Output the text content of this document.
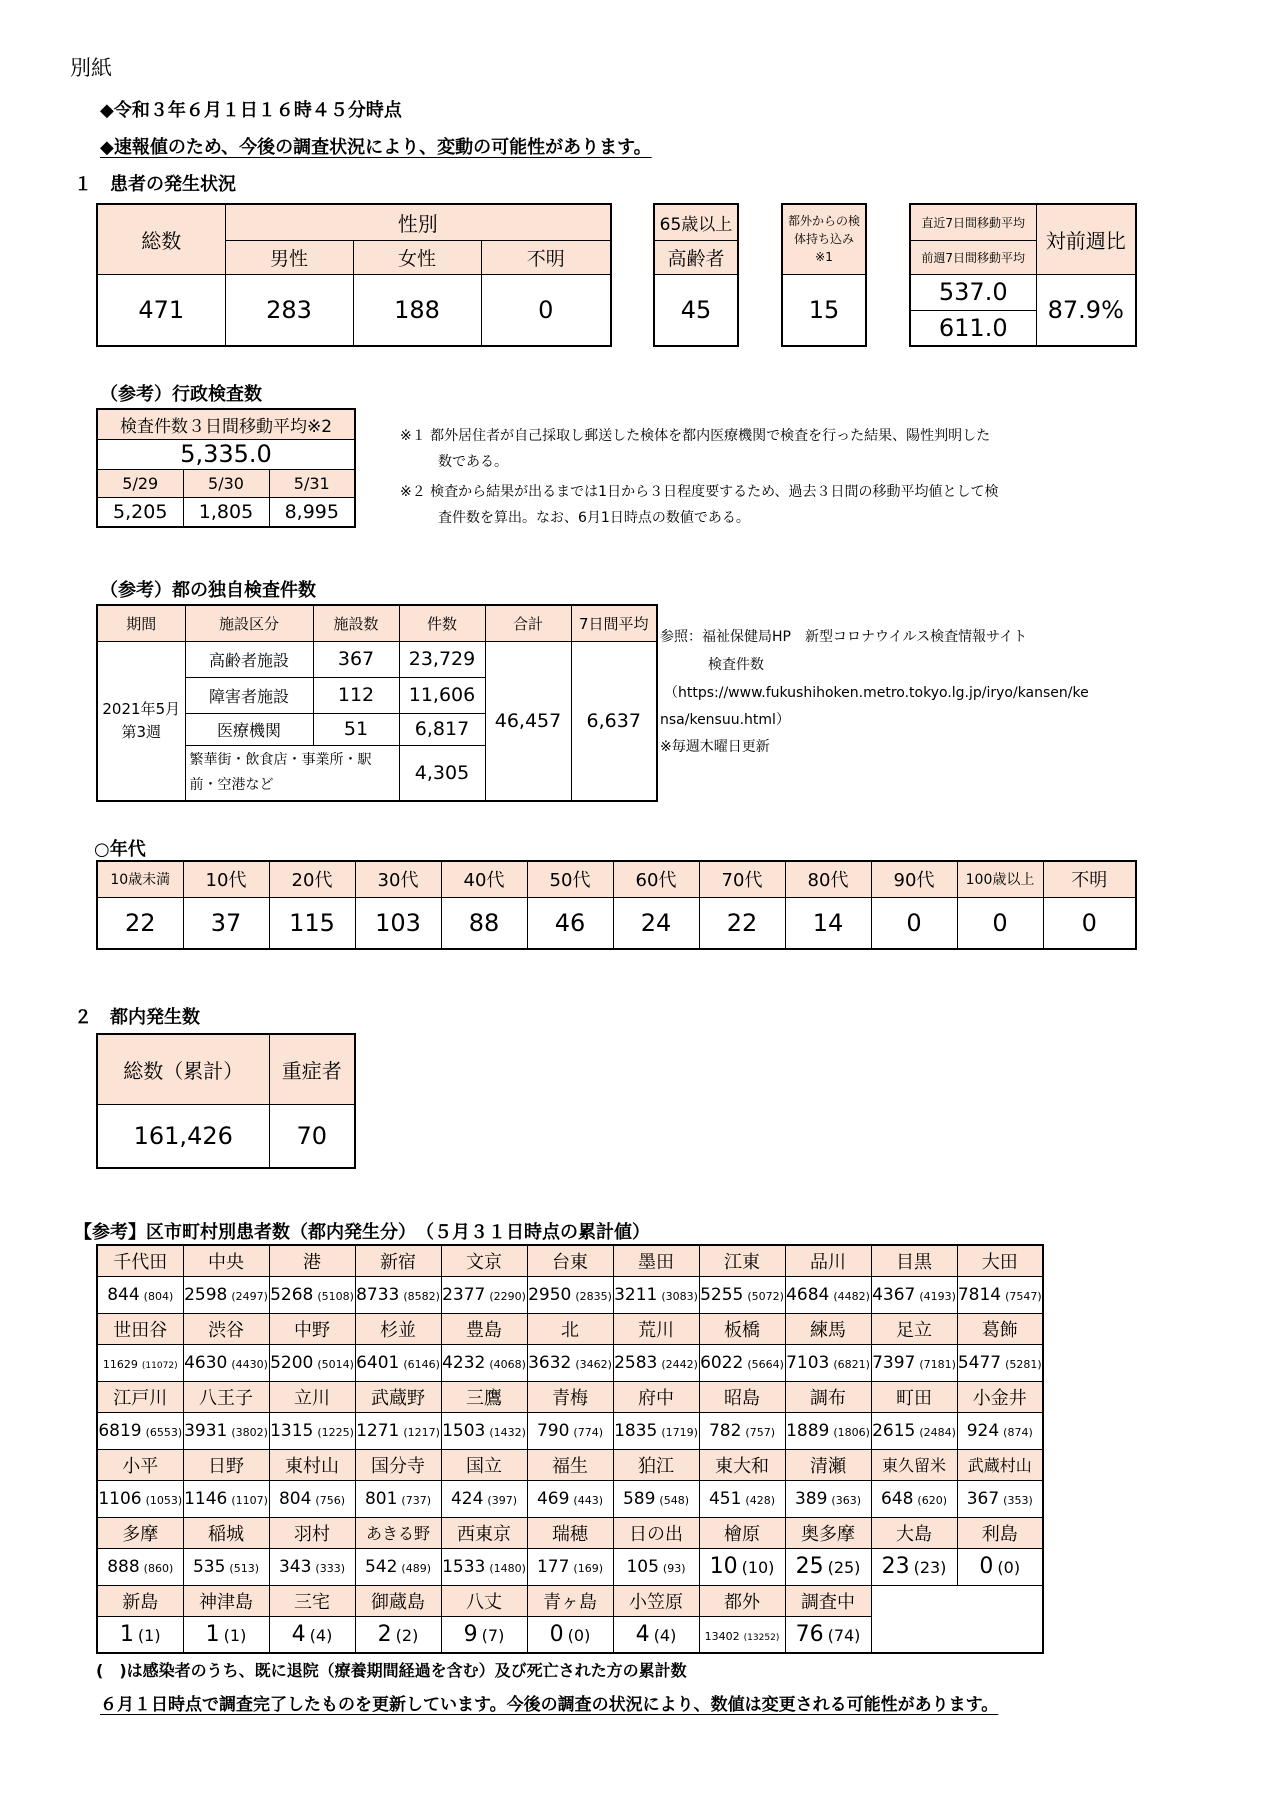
別紙
◆令和３年６月１日１６時４５分時点
◆速報値のため、今後の調査状況により、変動の可能性があります。
１　患者の発生状況
総数	性別		
	男性	女性	不明
471	283	188	0
65歳以上
高齢者
45
都外からの検体持ち込み※1
15
直近7日間移動平均	対前週比
前週7日間移動平均	
537.0	87.9%
611.0	
（参考）行政検査数
検査件数３日間移動平均※2		
5,335.0		
5/29	5/30	5/31
5,205	1,805	8,995
※１ 都外居住者が自己採取し郵送した検体を都内医療機関で検査を行った結果、陽性判明した
数である。
※２ 検査から結果が出るまでは1日から３日程度要するため、過去３日間の移動平均値として検
査件数を算出。なお、6月1日時点の数値である。
（参考）都の独自検査件数
期間	施設区分	施設数	件数	合計	7日間平均
2021年5月第3週	高齢者施設	367	23,729	46,457	6,637
	障害者施設	112	11,606		
	医療機関	51	6,817		
	繁華街・飲食店・事業所・駅前・空港など		4,305		
参照：福祉保健局HP　新型コロナウイルス検査情報サイト
検査件数
（https://www.fukushihoken.metro.tokyo.lg.jp/iryo/kansen/ke
nsa/kensuu.html）
※毎週木曜日更新
○年代
10歳未満	10代	20代	30代	40代	50代	60代	70代	80代	90代	100歳以上	不明
22	37	115	103	88	46	24	22	14	0	0	0
２　都内発生数
総数（累計）	重症者
161,426	70
【参考】区市町村別患者数（都内発生分）　（５月３１日時点の累計値）
千代田	中央	港	新宿	文京	台東	墨田	江東	品川	目黒	大田
844 (804)	2598 (2497)	5268 (5108)	8733 (8582)	2377 (2290)	2950 (2835)	3211 (3083)	5255 (5072)	4684 (4482)	4367 (4193)	7814 (7547)
世田谷	渋谷	中野	杉並	豊島	北	荒川	板橋	練馬	足立	葛飾
11629 (11072)	4630 (4430)	5200 (5014)	6401 (6146)	4232 (4068)	3632 (3462)	2583 (2442)	6022 (5664)	7103 (6821)	7397 (7181)	5477 (5281)
江戸川	八王子	立川	武蔵野	三鷹	青梅	府中	昭島	調布	町田	小金井
6819 (6553)	3931 (3802)	1315 (1225)	1271 (1217)	1503 (1432)	790 (774)	1835 (1719)	782 (757)	1889 (1806)	2615 (2484)	924 (874)
小平	日野	東村山	国分寺	国立	福生	狛江	東大和	清瀬	東久留米	武蔵村山
1106 (1053)	1146 (1107)	804 (756)	801 (737)	424 (397)	469 (443)	589 (548)	451 (428)	389 (363)	648 (620)	367 (353)
多摩	稲城	羽村	あきる野	西東京	瑞穂	日の出	檜原	奥多摩	大島	利島
888 (860)	535 (513)	343 (333)	542 (489)	1533 (1480)	177 (169)	105 (93)	10 (10)	25 (25)	23 (23)	0 (0)
新島	神津島	三宅	御蔵島	八丈	青ヶ島	小笠原	都外	調査中		
1 (1)	1 (1)	4 (4)	2 (2)	9 (7)	0 (0)	4 (4)	13402 (13252)	76 (74)		
(　)は感染者のうち、既に退院（療養期間経過を含む）及び死亡された方の累計数
６月１日時点で調査完了したものを更新しています。今後の調査の状況により、数値は変更される可能性があります。
